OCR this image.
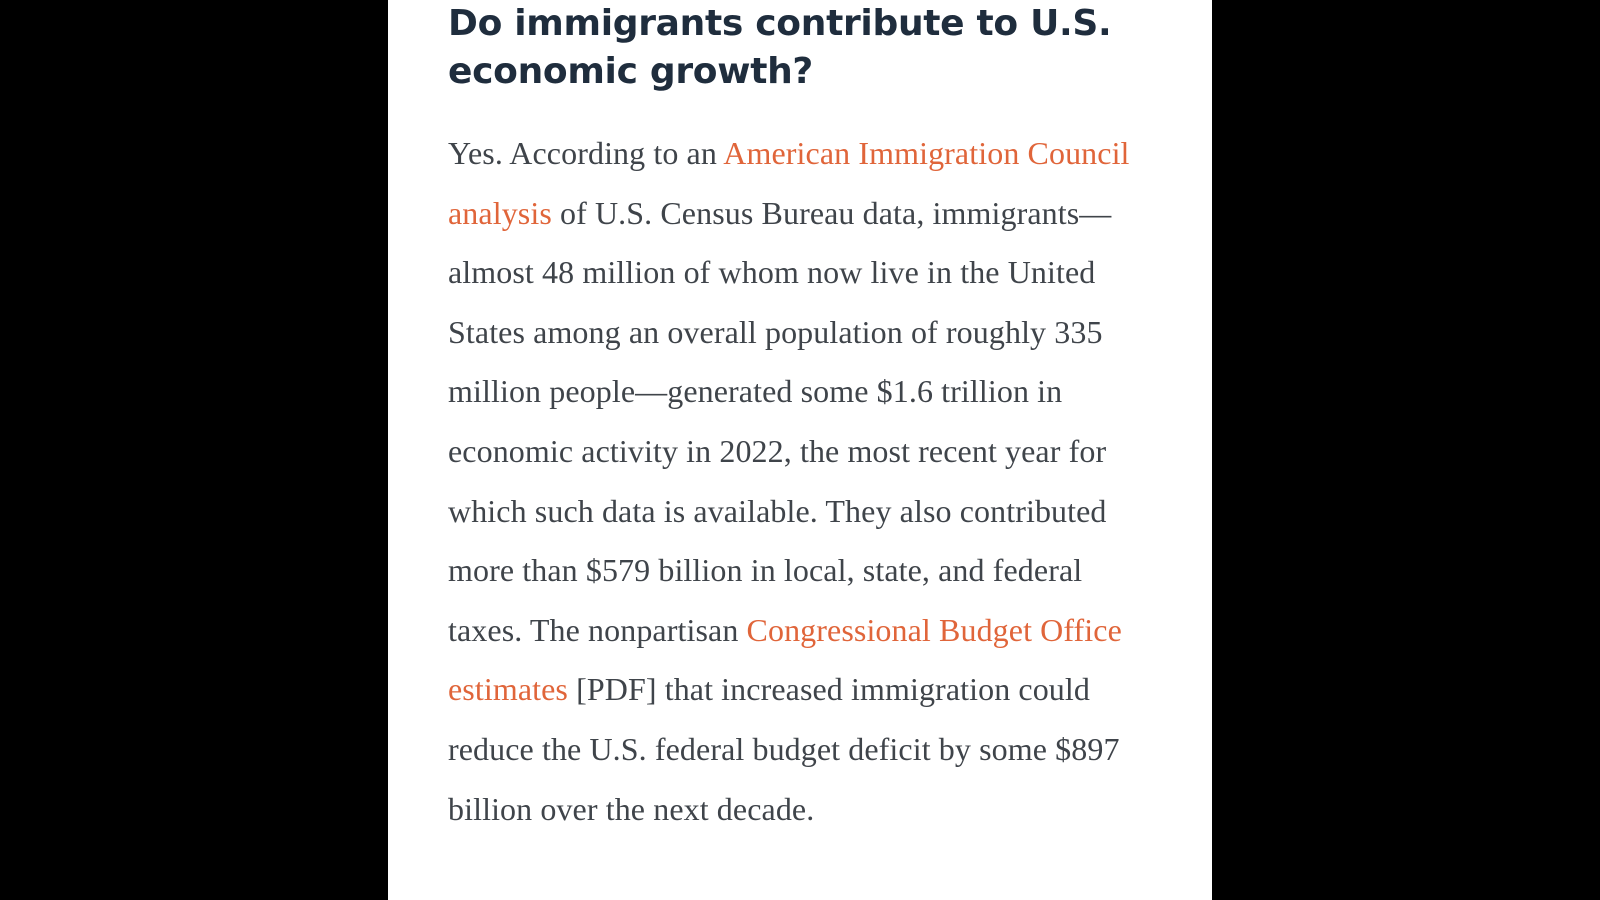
Do immigrants contribute to U.S. economic growth?

Yes. According to an American Immigration Council analysis of U.S. Census Bureau data, immigrants—almost 48 million of whom now live in the United States among an overall population of roughly 335 million people—generated some $1.6 trillion in economic activity in 2022, the most recent year for which such data is available. They also contributed more than $579 billion in local, state, and federal taxes. The nonpartisan Congressional Budget Office estimates [PDF] that increased immigration could reduce the U.S. federal budget deficit by some $897 billion over the next decade.
